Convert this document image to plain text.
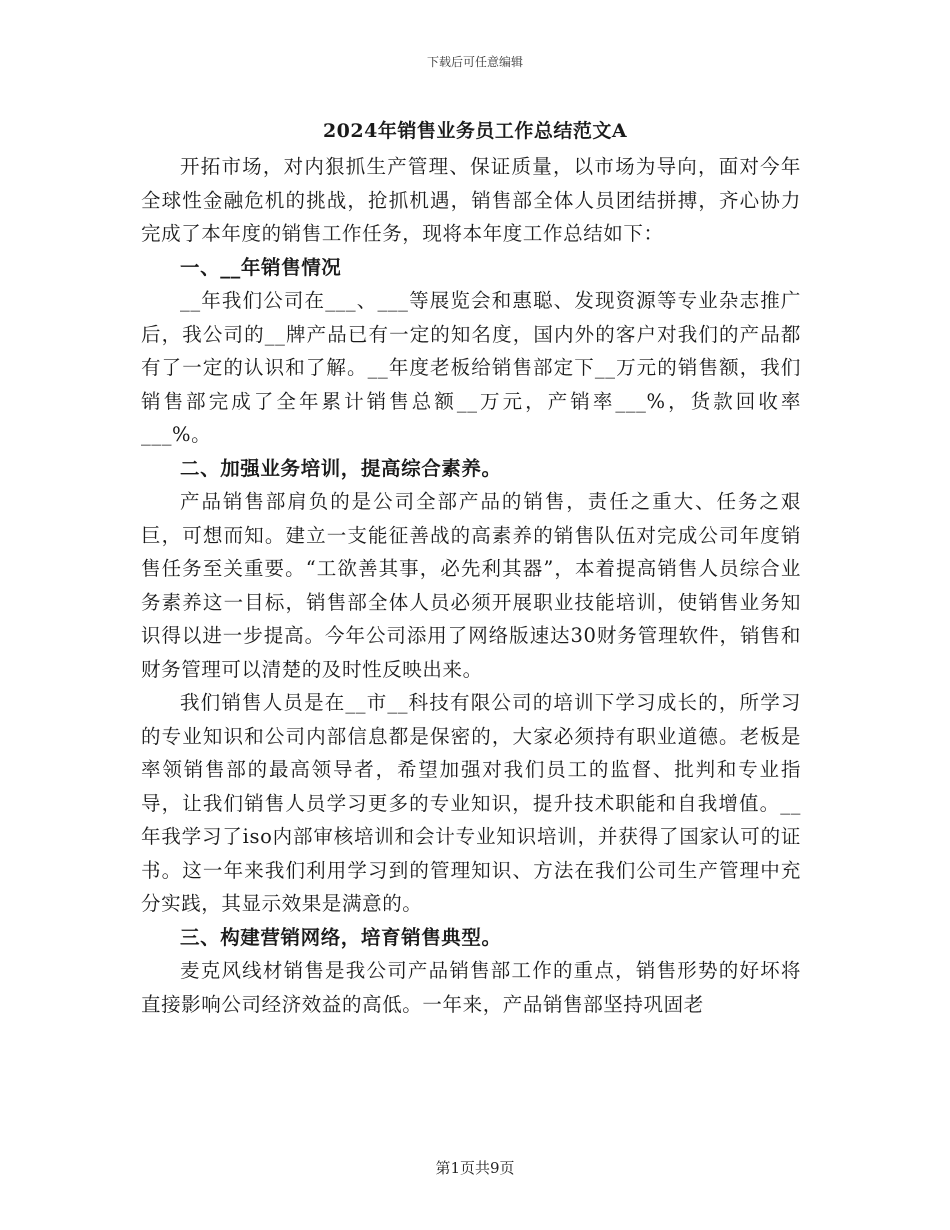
下载后可任意编辑
2024年销售业务员工作总结范文A

开拓市场，对内狠抓生产管理、保证质量，以市场为导向，面对今年全球性金融危机的挑战，抢抓机遇，销售部全体人员团结拼搏，齐心协力完成了本年度的销售工作任务，现将本年度工作总结如下：

一、__年销售情况

__年我们公司在___、___等展览会和惠聪、发现资源等专业杂志推广后，我公司的__牌产品已有一定的知名度，国内外的客户对我们的产品都有了一定的认识和了解。__年度老板给销售部定下__万元的销售额，我们销售部完成了全年累计销售总额__万元，产销率___%，货款回收率___%。

二、加强业务培训，提高综合素养。

产品销售部肩负的是公司全部产品的销售，责任之重大、任务之艰巨，可想而知。建立一支能征善战的高素养的销售队伍对完成公司年度销售任务至关重要。“工欲善其事，必先利其器”，本着提高销售人员综合业务素养这一目标，销售部全体人员必须开展职业技能培训，使销售业务知识得以进一步提高。今年公司添用了网络版速达30财务管理软件，销售和财务管理可以清楚的及时性反映出来。

我们销售人员是在__市__科技有限公司的培训下学习成长的，所学习的专业知识和公司内部信息都是保密的，大家必须持有职业道德。老板是率领销售部的最高领导者，希望加强对我们员工的监督、批判和专业指导，让我们销售人员学习更多的专业知识，提升技术职能和自我增值。__年我学习了iso内部审核培训和会计专业知识培训，并获得了国家认可的证书。这一年来我们利用学习到的管理知识、方法在我们公司生产管理中充分实践，其显示效果是满意的。

三、构建营销网络，培育销售典型。

麦克风线材销售是我公司产品销售部工作的重点，销售形势的好坏将直接影响公司经济效益的高低。一年来，产品销售部坚持巩固老

第1页共9页
